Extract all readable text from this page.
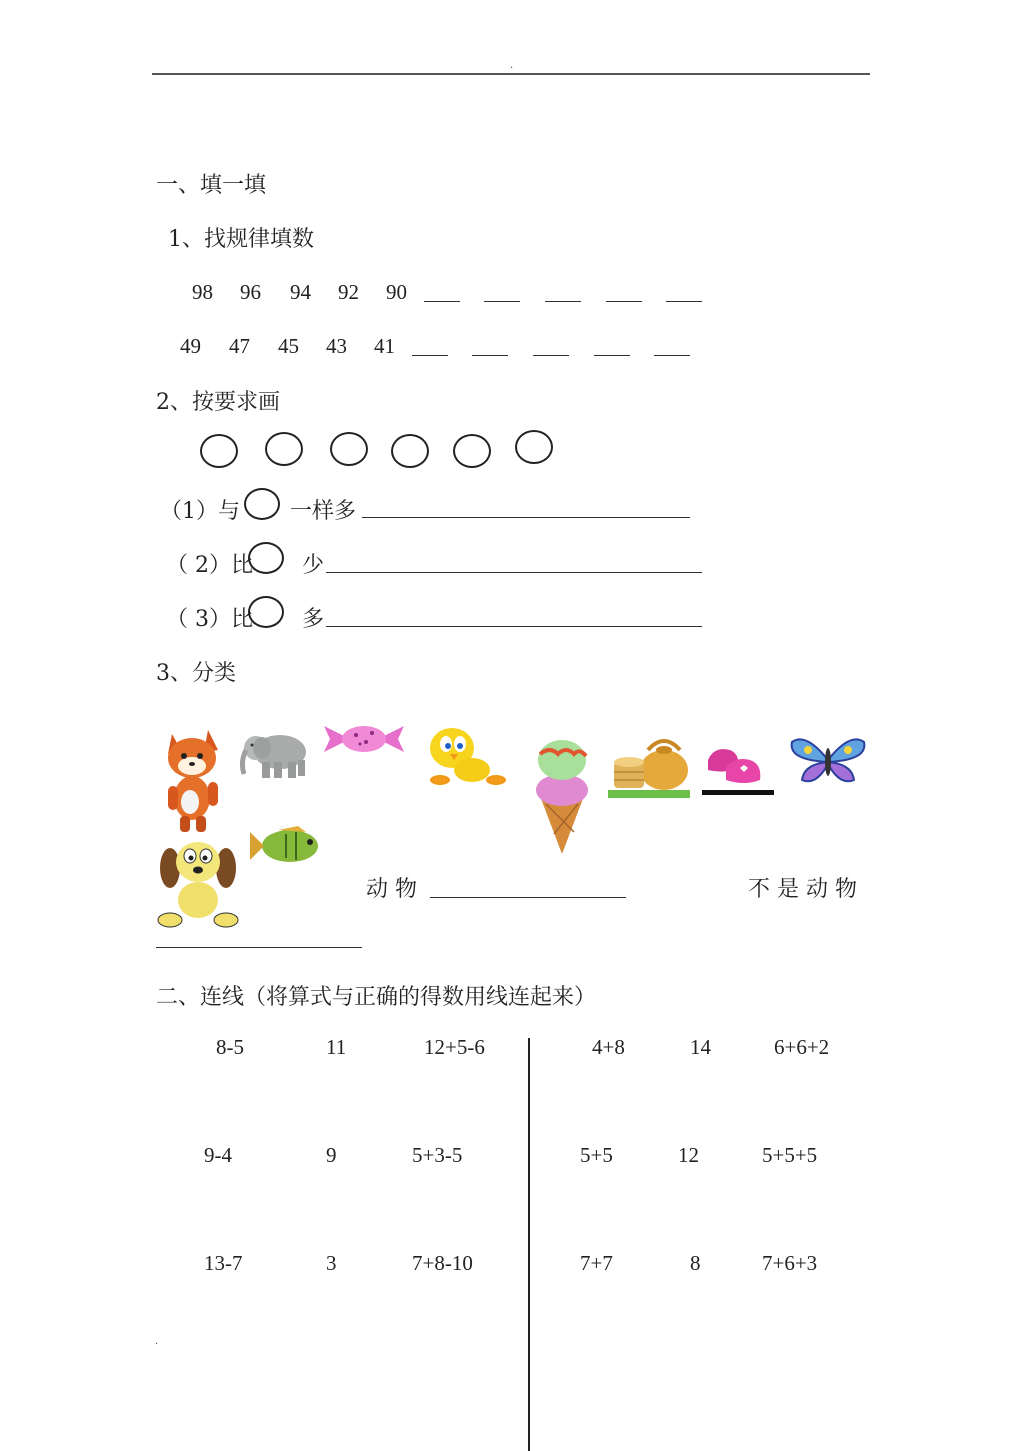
.
一、填一填
1、找规律填数
98 96 94 92 90
49 47 45 43 41
2、按要求画
（1）与 一样多
（ 2）比 少
（ 3）比 多
3、分类
动 物	不 是 动 物
二、连线（将算式与正确的得数用线连起来）
8-5	11	12+5-6
9-4	9	5+3-5
13-7	3	7+8-10
4+8	14	6+6+2
5+5	12	5+5+5
7+7	8	7+6+3
.
